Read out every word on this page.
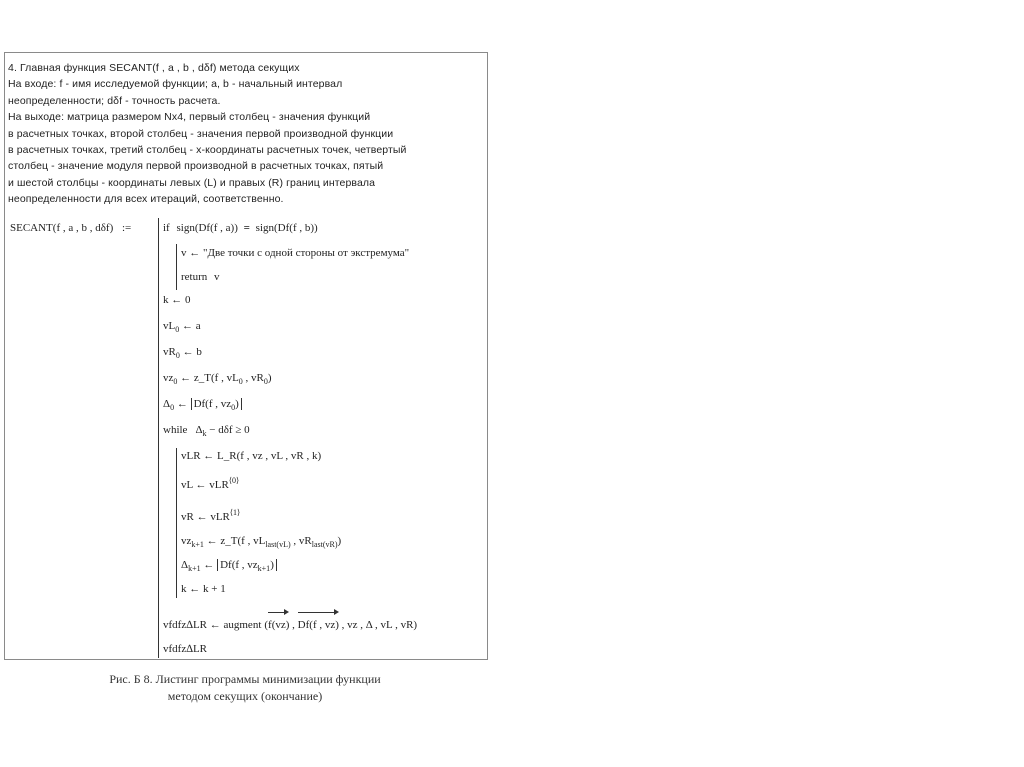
4. Главная функция SECANT(f , a , b , dδf) метода секущих
На входе: f - имя исследуемой функции; a, b - начальный интервал
неопределенности; dδf - точность расчета.
На выходе: матрица размером Nx4, первый столбец - значения функций
в расчетных точках, второй столбец - значения первой производной функции
в расчетных точках, третий столбец - x-координаты расчетных точек, четвертый
столбец - значение модуля первой производной в расчетных точках, пятый
и шестой столбцы - координаты левых (L) и правых (R) границ интервала
неопределенности для всех итераций, соответственно.
SECANT(f , a , b , dδf) :=	if sign(Df(f , a)) = sign(Df(f , b))
v ← "Две точки с одной стороны от экстремума"
return v
k ← 0
$vL_0$ ← a
$vR_0$ ← b
$vz_0$ ← z_T(f , $vL_0$ , $vR_0$)
$\Delta_0$ ← Df(f , $vz_0$)
while $\Delta_k - d\delta f \ge 0$
vLR ← L_R(f , vz , vL , vR , k)
vL ← vLR$^{⟨0⟩}$
vR ← vLR$^{⟨1⟩}$
$vz_{k+1}$ ← z_T(f , $vL_{last(vL)}$ , $vR_{last(vR)}$)
$\Delta_{k+1}$ ← Df(f , $vz_{k+1}$)
k ← k + 1
vfdfz∆LR ← augment (f(vz) , Df(f , vz) , vz , Δ , vL , vR)
vfdfz∆LR
Рис. Б 8. Листинг программы минимизации функции
методом секущих (окончание)
